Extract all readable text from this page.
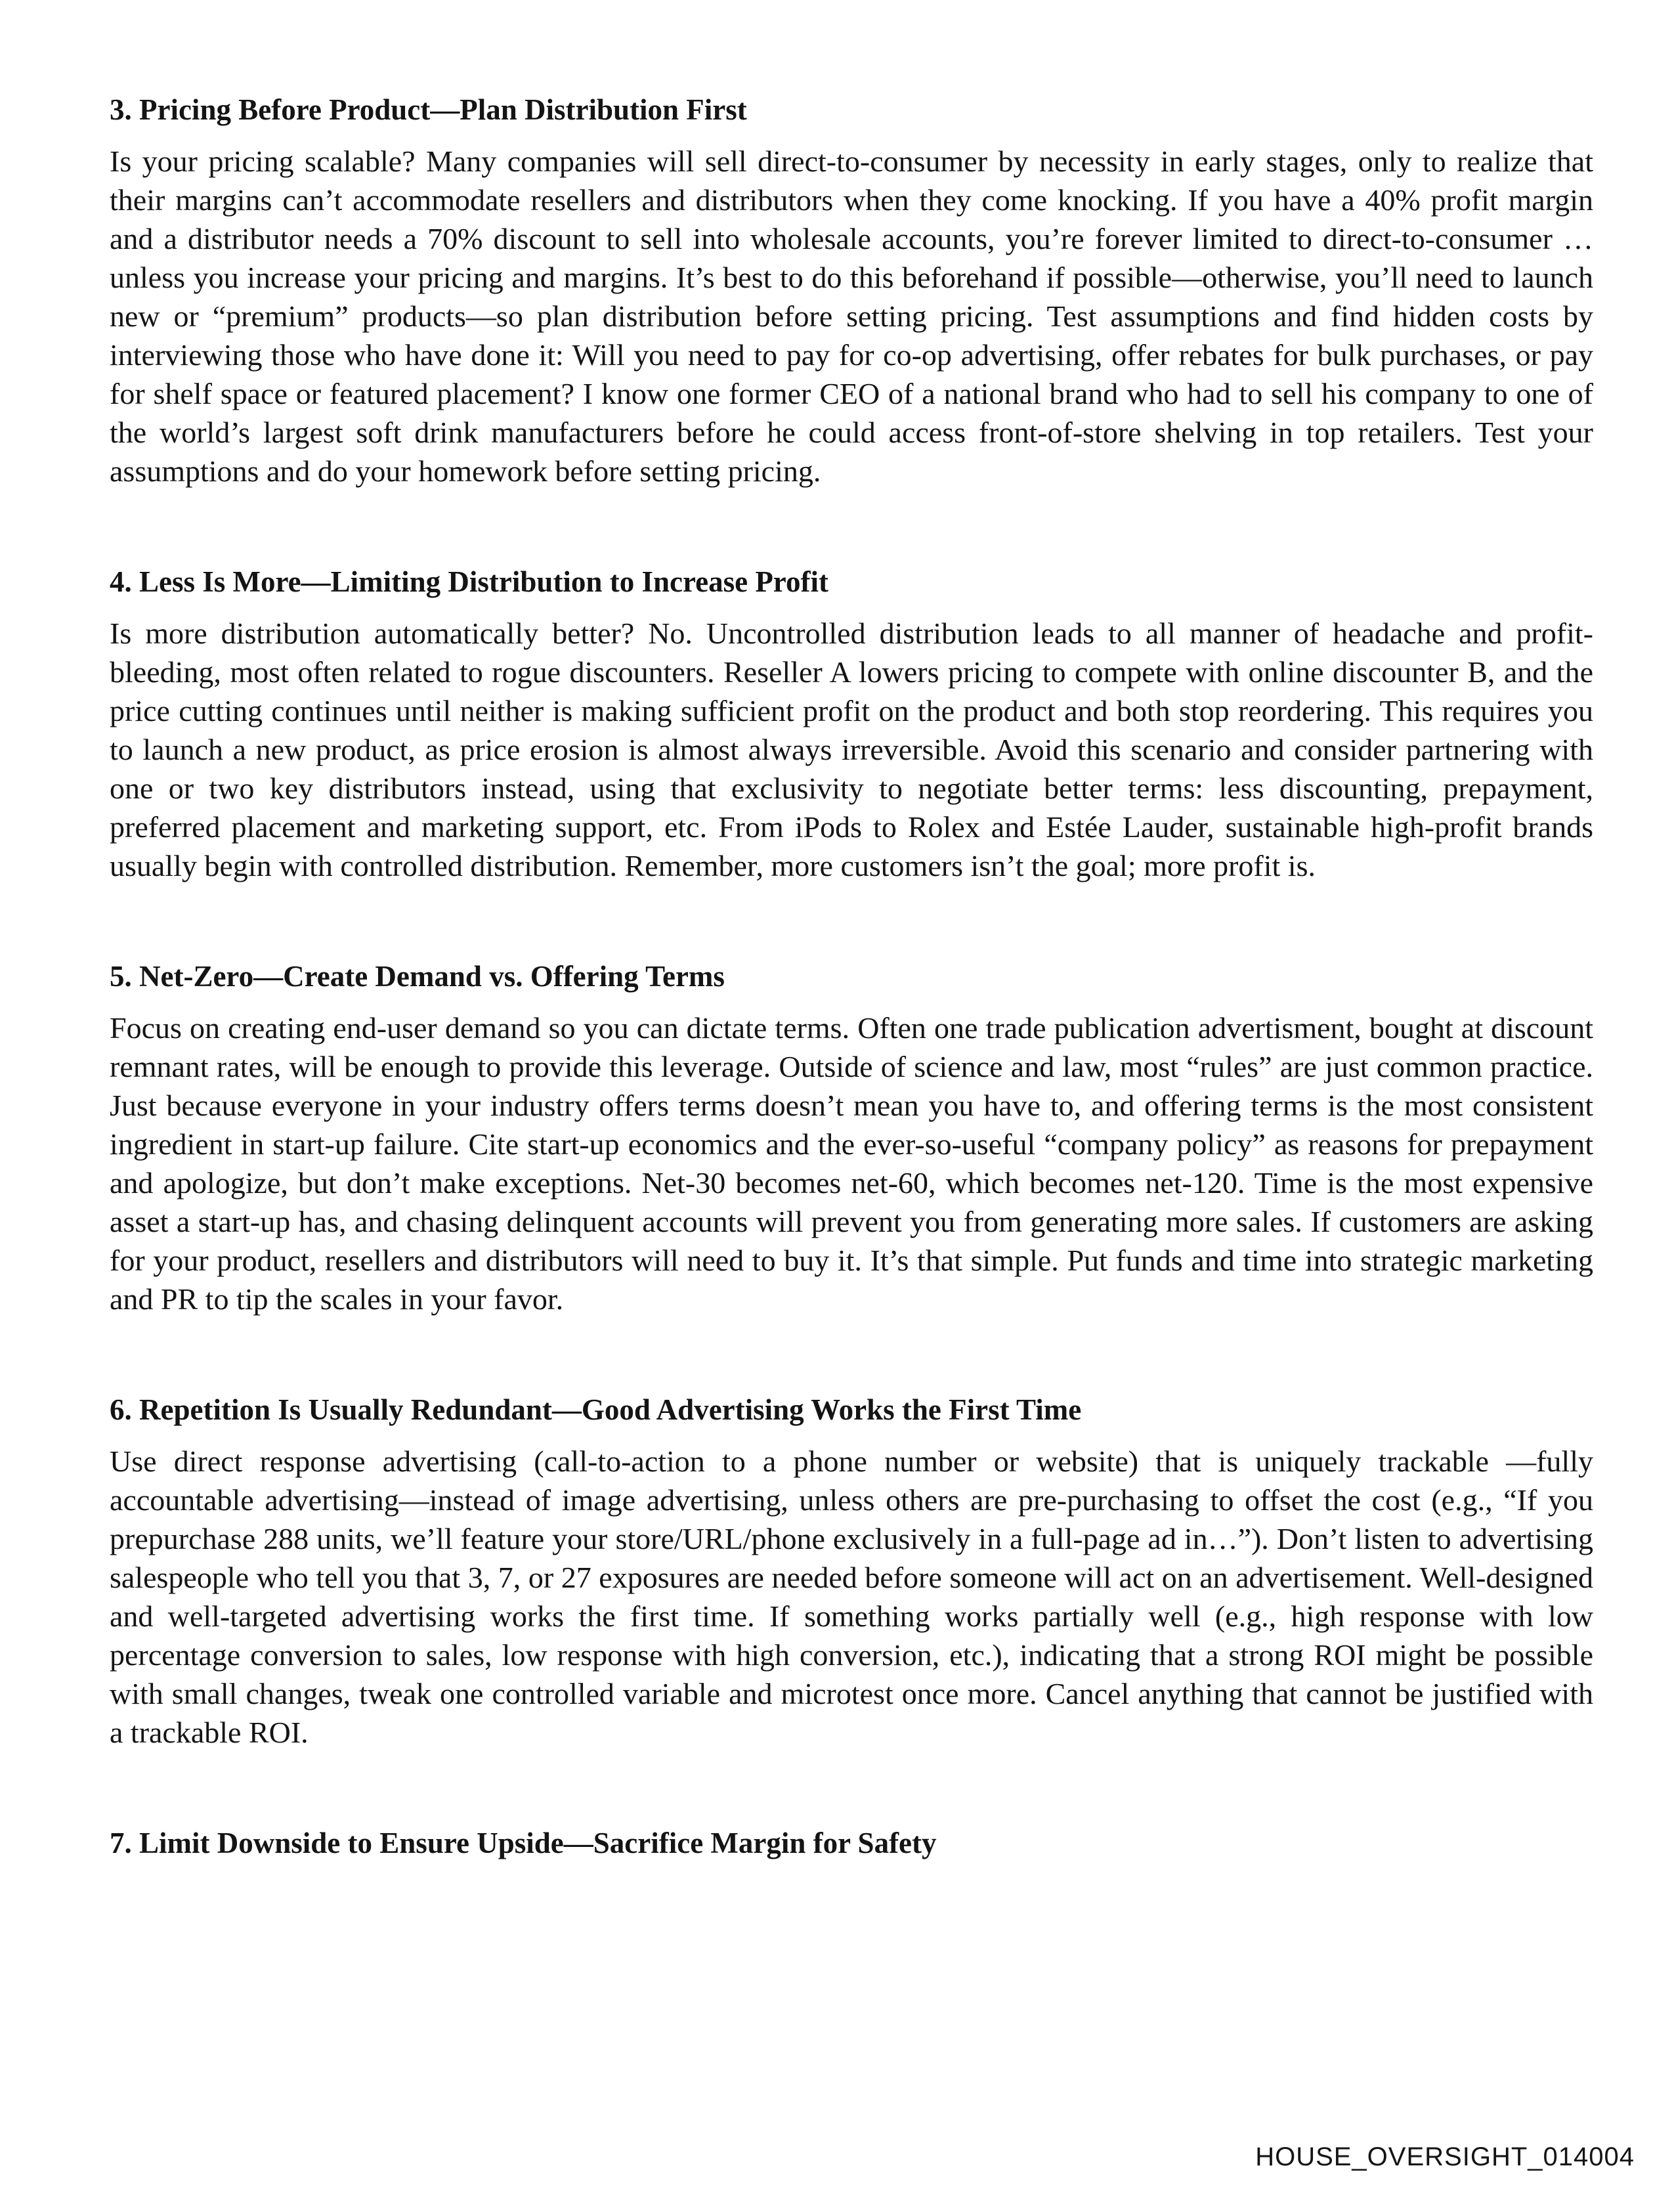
3. Pricing Before Product—Plan Distribution First

Is your pricing scalable? Many companies will sell direct-to-consumer by necessity in early stages, only to realize that their margins can’t accommodate resellers and distributors when they come knocking. If you have a 40% profit margin and a distributor needs a 70% discount to sell into wholesale accounts, you’re forever limited to direct-to-consumer … unless you increase your pricing and margins. It’s best to do this beforehand if possible—otherwise, you’ll need to launch new or “premium” products—so plan distribution before setting pricing. Test assumptions and find hidden costs by interviewing those who have done it: Will you need to pay for co-op advertising, offer rebates for bulk purchases, or pay for shelf space or featured placement? I know one former CEO of a national brand who had to sell his company to one of the world’s largest soft drink manufacturers before he could access front-of-store shelving in top retailers. Test your assumptions and do your homework before setting pricing.

4. Less Is More—Limiting Distribution to Increase Profit

Is more distribution automatically better? No. Uncontrolled distribution leads to all manner of headache and profit-bleeding, most often related to rogue discounters. Reseller A lowers pricing to compete with online discounter B, and the price cutting continues until neither is making sufficient profit on the product and both stop reordering. This requires you to launch a new product, as price erosion is almost always irreversible. Avoid this scenario and consider partnering with one or two key distributors instead, using that exclusivity to negotiate better terms: less discounting, prepayment, preferred placement and marketing support, etc. From iPods to Rolex and Estée Lauder, sustainable high-profit brands usually begin with controlled distribution. Remember, more customers isn’t the goal; more profit is.

5. Net-Zero—Create Demand vs. Offering Terms

Focus on creating end-user demand so you can dictate terms. Often one trade publication advertisment, bought at discount remnant rates, will be enough to provide this leverage. Outside of science and law, most “rules” are just common practice. Just because everyone in your industry offers terms doesn’t mean you have to, and offering terms is the most consistent ingredient in start-up failure. Cite start-up economics and the ever-so-useful “company policy” as reasons for prepayment and apologize, but don’t make exceptions. Net-30 becomes net-60, which becomes net-120. Time is the most expensive asset a start-up has, and chasing delinquent accounts will prevent you from generating more sales. If customers are asking for your product, resellers and distributors will need to buy it. It’s that simple. Put funds and time into strategic marketing and PR to tip the scales in your favor.

6. Repetition Is Usually Redundant—Good Advertising Works the First Time

Use direct response advertising (call-to-action to a phone number or website) that is uniquely trackable —fully accountable advertising—instead of image advertising, unless others are pre-purchasing to offset the cost (e.g., “If you prepurchase 288 units, we’ll feature your store/URL/phone exclusively in a full-page ad in…”). Don’t listen to advertising salespeople who tell you that 3, 7, or 27 exposures are needed before someone will act on an advertisement. Well-designed and well-targeted advertising works the first time. If something works partially well (e.g., high response with low percentage conversion to sales, low response with high conversion, etc.), indicating that a strong ROI might be possible with small changes, tweak one controlled variable and microtest once more. Cancel anything that cannot be justified with a trackable ROI.

7. Limit Downside to Ensure Upside—Sacrifice Margin for Safety
HOUSE_OVERSIGHT_014004
